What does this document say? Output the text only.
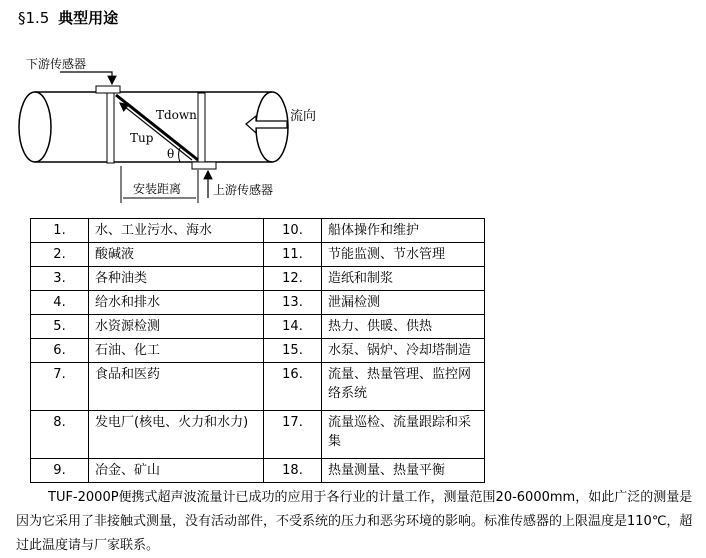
§1.5 典型用途
Tdown
Tup
θ
下游传感器
上游传感器
流向
安装距离
1.	水、工业污水、海水	10.	船体操作和维护
2.	酸碱液	11.	节能监测、节水管理
3.	各种油类	12.	造纸和制浆
4.	给水和排水	13.	泄漏检测
5.	水资源检测	14.	热力、供暖、供热
6.	石油、化工	15.	水泵、锅炉、冷却塔制造
7.	食品和医药	16.	流量、热量管理、监控网络系统
8.	发电厂(核电、火力和水力)	17.	流量巡检、流量跟踪和采集
9.	冶金、矿山	18.	热量测量、热量平衡

TUF-2000P便携式超声波流量计已成功的应用于各行业的计量工作，测量范围20-6000mm，如此广泛的测量是因为它采用了非接触式测量，没有活动部件，不受系统的压力和恶劣环境的影响。标准传感器的上限温度是110℃，超过此温度请与厂家联系。
